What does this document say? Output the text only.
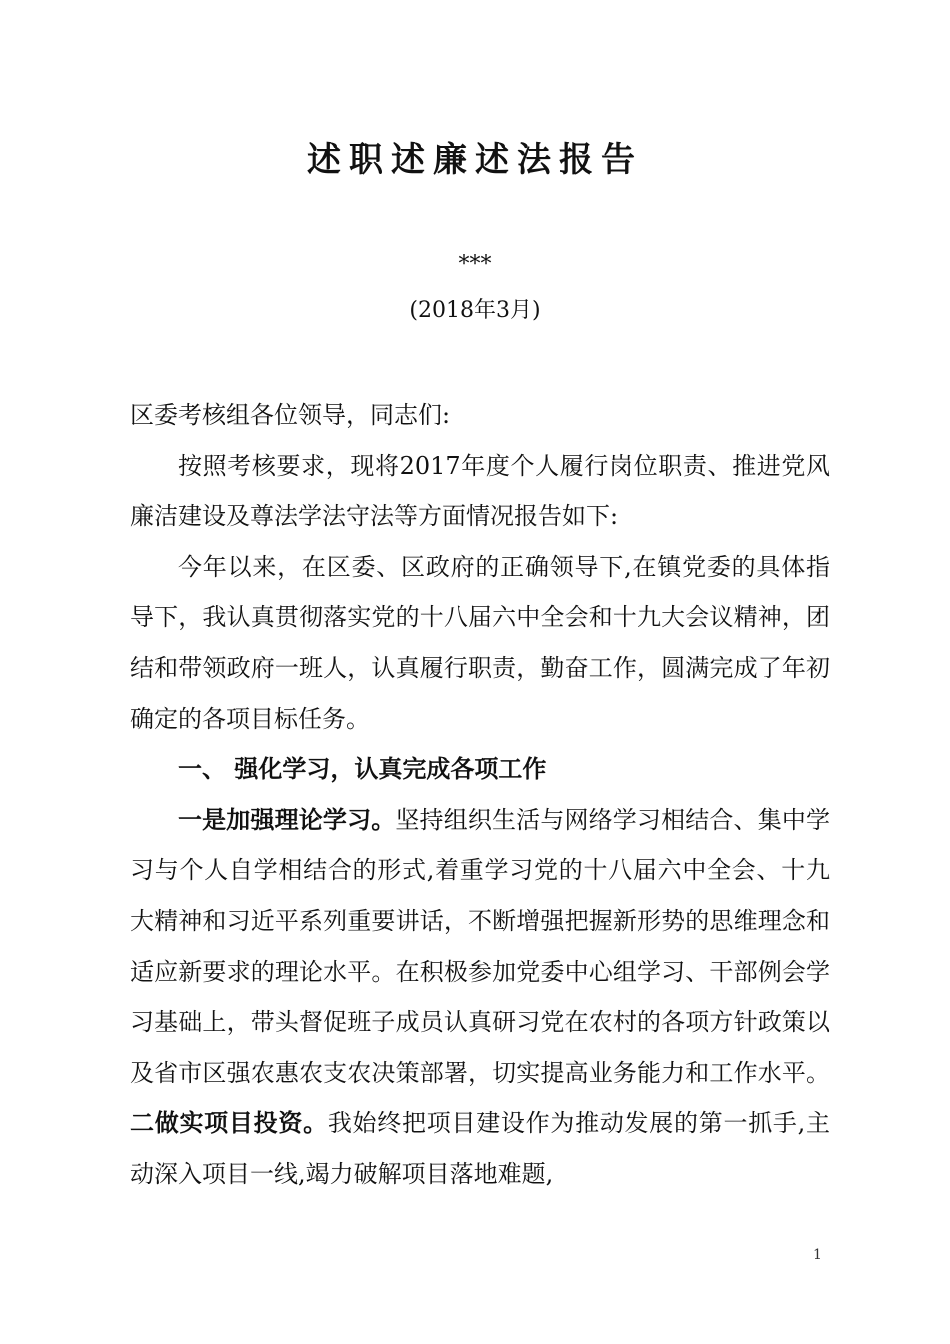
述职述廉述法报告
***
(2018年3月)

区委考核组各位领导，同志们:

按照考核要求，现将2017年度个人履行岗位职责、推进党风廉洁建设及尊法学法守法等方面情况报告如下:

今年以来，在区委、区政府的正确领导下,在镇党委的具体指导下，我认真贯彻落实党的十八届六中全会和十九大会议精神，团结和带领政府一班人，认真履行职责，勤奋工作，圆满完成了年初确定的各项目标任务。

一、 强化学习，认真完成各项工作

一是加强理论学习。坚持组织生活与网络学习相结合、集中学习与个人自学相结合的形式,着重学习党的十八届六中全会、十九大精神和习近平系列重要讲话，不断增强把握新形势的思维理念和适应新要求的理论水平。在积极参加党委中心组学习、干部例会学习基础上，带头督促班子成员认真研习党在农村的各项方针政策以及省市区强农惠农支农决策部署，切实提高业务能力和工作水平。二做实项目投资。我始终把项目建设作为推动发展的第一抓手,主动深入项目一线,竭力破解项目落地难题,

1
